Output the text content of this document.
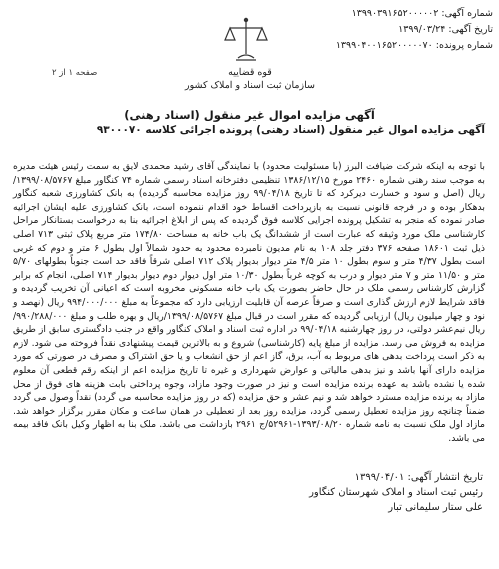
شماره آگهی: ۱۳۹۹۰۳۹۱۶۵۲۰۰۰۰۰۲
تاریخ آگهی: ۱۳۹۹/۰۳/۲۴
شماره پرونده: ۱۳۹۹۰۴۰۰۱۶۵۲۰۰۰۰۰۷۰
قوه قضاییه
سازمان ثبت اسناد و املاک کشور
صفحه ۱ از ۲
آگهی مزایده اموال غیر منقول (اسناد رهنی)
آگهی مزایده اموال غیر منقول (اسناد رهنی) پرونده اجرائی کلاسه ۹۳۰۰۰۷۰
با توجه به اینکه شرکت ضیافت البرز (با مسئولیت محدود) با نمایندگی آقای رشید محمدی لایق به سمت رئیس هیئت مدیره به موجب سند رهنی شماره ۲۴۶۰ مورخ ۱۳۸۶/۱۲/۱۵ تنظیمی دفترخانه اسناد رسمی شماره ۷۴ کنگاور مبلغ ۱۳۹۹/۰۸/۵۷۶۷/ریال (اصل و سود و خسارت دیرکرد که تا تاریخ ۹۹/۰۴/۱۸ روز مزایده محاسبه گردیده) به بانک کشاورزی شعبه کنگاور بدهکار بوده و در فرجه قانونی نسبت به بازپرداخت اقساط خود اقدام ننموده است، بانک کشاورزی علیه ایشان اجرائیه صادر نموده که منجر به تشکیل پرونده اجرایی کلاسه فوق گردیده که پس از ابلاغ اجرائیه بنا به درخواست بستانکار مراحل کارشناسی ملک مورد وثیقه که عبارت است از ششدانگ یک باب خانه به مساحت ۱۷۴/۸۰ متر مربع پلاک ثبتی ۷۱۳ اصلی ذیل ثبت ۱۸۶۰۱ صفحه ۳۷۶ دفتر جلد ۱۰۸ به نام مدیون نامبرده محدود به حدود شمالاً اول بطول ۶ متر و دوم که غربی است بطول ۴/۳۷ متر و سوم بطول ۱۰ متر ۴/۵ متر دیوار بدیوار پلاک ۷۱۲ اصلی شرقاً فاقد حد است جنوباً بطولهای ۵/۷۰ متر و ۱۱/۵۰ متر و ۷ متر دیوار و درب به کوچه غرباً بطول ۱۰/۳۰ متر اول دیوار دوم دیوار بدیوار ۷۱۴ اصلی، انجام که برابر گزارش کارشناس رسمی ملک در حال حاضر بصورت یک باب خانه مسکونی مخروبه است که اعیانی آن تخریب گردیده و فاقد شرایط لازم ارزش گذاری است و صرفاً عرصه آن قابلیت ارزیابی دارد که مجموعاً به مبلغ ۹۹۴/۰۰۰/۰۰۰ ریال (نهصد و نود و چهار میلیون ریال) ارزیابی گردیده که مقرر است در قبال مبلغ ۱۳۹۹/۰۸/۵۷۶۷/ریال و بهره طلب و مبلغ ۹۹۰/۲۸۸/۰۰۰/ریال نیم‌عشر دولتی، در روز چهارشنبه ۹۹/۰۴/۱۸ در اداره ثبت اسناد و املاک کنگاور واقع در جنب دادگستری سابق از طریق مزایده به فروش می رسد. مزایده از مبلغ پایه (کارشناسی) شروع و به بالاترین قیمت پیشنهادی نقداً فروخته می شود. لازم به ذکر است پرداخت بدهی های مربوط به آب، برق، گاز اعم از حق انشعاب و یا حق اشتراک و مصرف در صورتی که مورد مزایده دارای آنها باشد و نیز بدهی مالیاتی و عوارض شهرداری و غیره تا تاریخ مزایده اعم از اینکه رقم قطعی آن معلوم شده یا نشده باشد به عهده برنده مزایده است و نیز در صورت وجود مازاد، وجوه پرداختی بابت هزینه های فوق از محل مازاد به برنده مزایده مسترد خواهد شد و نیم عشر و حق مزایده (که در روز مزایده محاسبه می گردد) نقداً وصول می گردد ضمناً چنانچه روز مزایده تعطیل رسمی گردد، مزایده روز بعد از تعطیلی در همان ساعت و مکان مقرر برگزار خواهد شد. مازاد اول ملک نسبت به نامه شماره ۱۳۹۳/۰۸/۲۰-۵۲۹۶۱/ج ۲۹۶۱ بازداشت می باشد. ملک بنا به اظهار وکیل بانک فاقد بیمه می باشد.
تاریخ انتشار آگهی: ۱۳۹۹/۰۴/۰۱
رئیس ثبت اسناد و املاک شهرستان کنگاور
علی ستار سلیمانی تبار
